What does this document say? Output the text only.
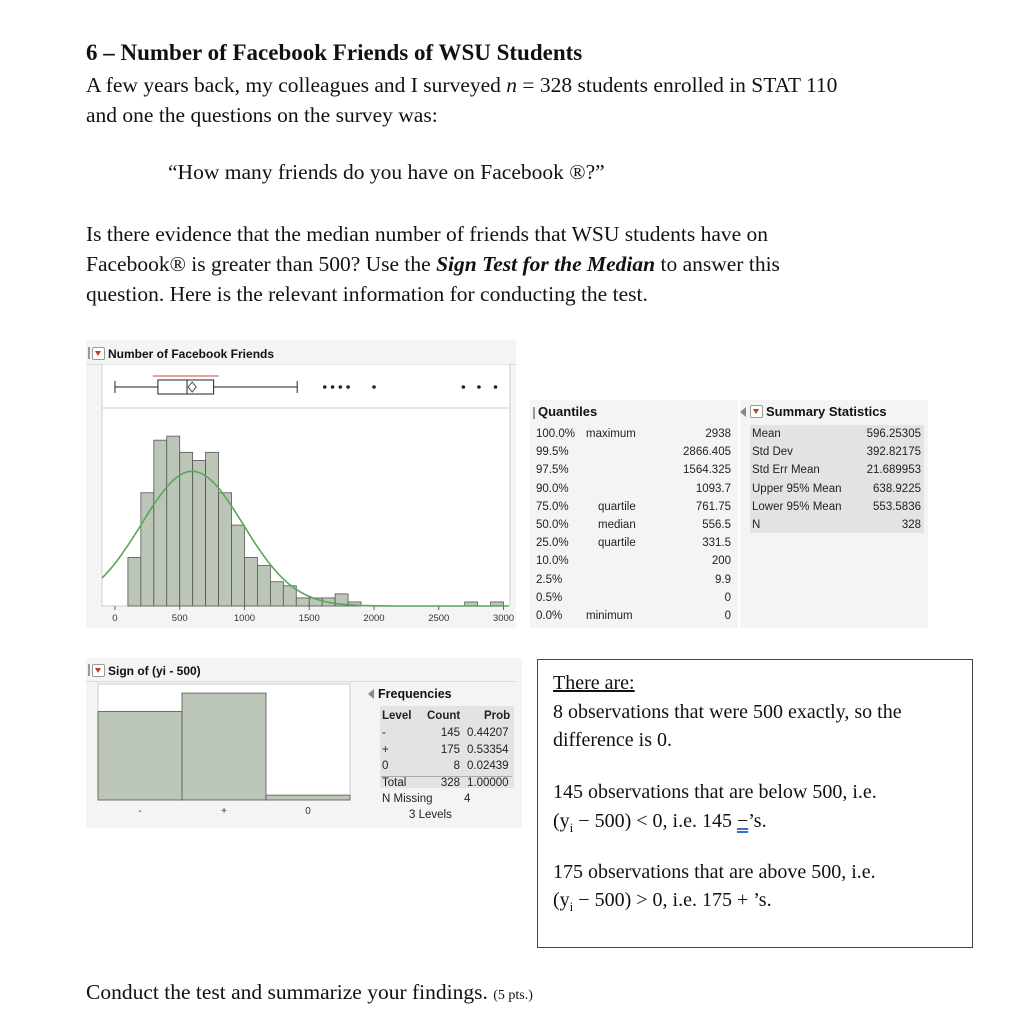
6 – Number of Facebook Friends of WSU Students
A few years back, my colleagues and I surveyed n = 328 students enrolled in STAT 110
and one the questions on the survey was:
“How many friends do you have on Facebook ®?”
Is there evidence that the median number of friends that WSU students have on
Facebook® is greater than 500? Use the Sign Test for the Median to answer this
question. Here is the relevant information for conducting the test.
Number of Facebook Friends
0	500	1000	1500	2000	2500	3000
Quantiles
100.0% maximum	2938
99.5%	2866.405
97.5%	1564.325
90.0%	1093.7
75.0%	quartile	761.75
50.0%	median	556.5
25.0%	quartile	331.5
10.0%	200
2.5%	9.9
0.5%	0
0.0% minimum	0
Summary Statistics
Mean	596.25305
Std Dev	392.82175
Std Err Mean	21.689953
Upper 95% Mean	638.9225
Lower 95% Mean	553.5836
N	328
Sign of (yi - 500)
-	+	0
Frequencies
Level Count Prob
-	145 0.44207
+	175 0.53354
0	8 0.02439
Total	328 1.00000
N Missing	4
3 Levels
There are:
8 observations that were 500 exactly, so the
difference is 0.
145 observations that are below 500, i.e.
$(y_i - 500) < 0$, i.e. 145 −’s.
175 observations that are above 500, i.e.
$(y_i - 500) > 0$, i.e. 175 + ’s.
Conduct the test and summarize your findings. (5 pts.)
